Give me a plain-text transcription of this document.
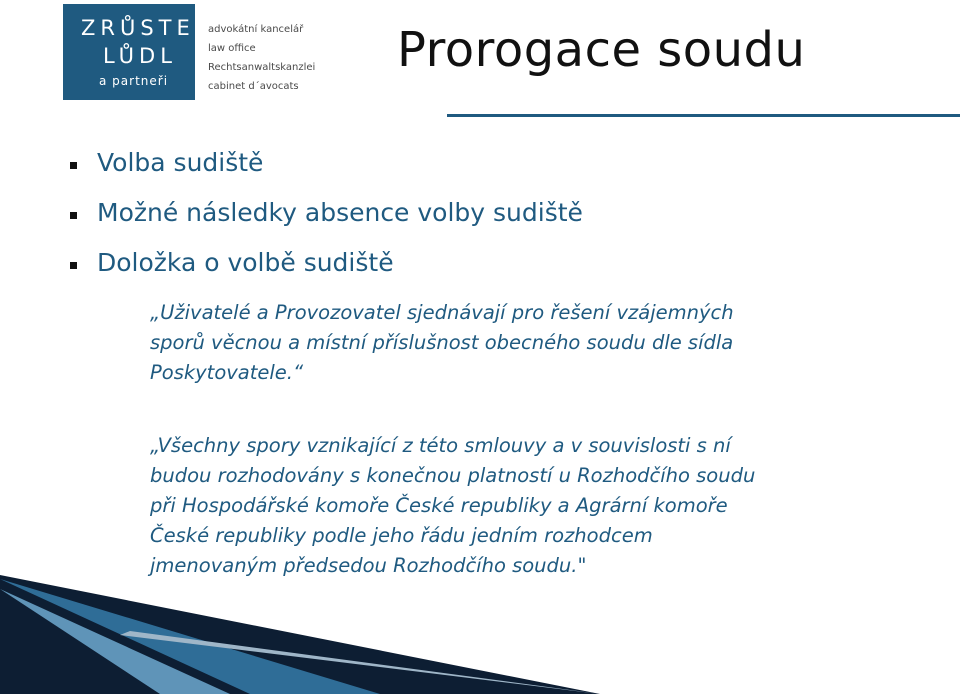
ZRŮSTEK
LŮDL
a partneři
advokátní kancelář
law office
Rechtsanwaltskanzlei
cabinet d´avocats
Prorogace soudu
Volba sudiště
Možné následky absence volby sudiště
Doložka o volbě sudiště
„Uživatelé a Provozovatel sjednávají pro řešení vzájemných
sporů věcnou a místní příslušnost obecného soudu dle sídla
Poskytovatele.“
„Všechny spory vznikající z této smlouvy a v souvislosti s ní
budou rozhodovány s konečnou platností u Rozhodčího soudu
při Hospodářské komoře České republiky a Agrární komoře
České republiky podle jeho řádu jedním rozhodcem
jmenovaným předsedou Rozhodčího soudu."
